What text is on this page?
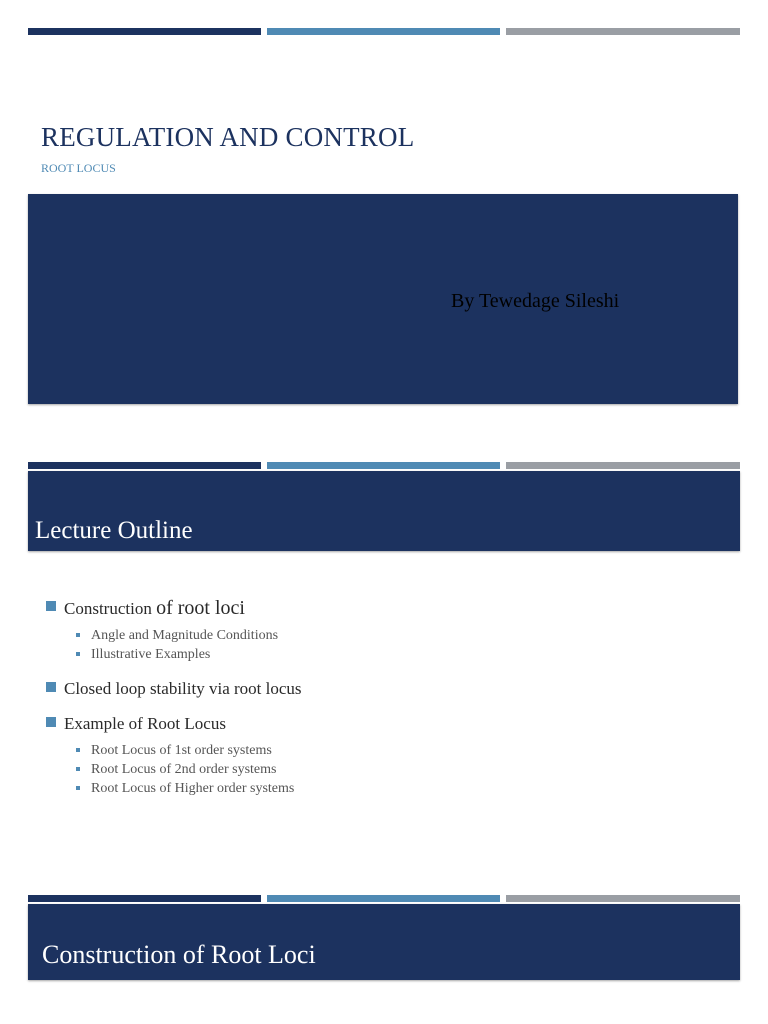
REGULATION AND CONTROL

ROOT LOCUS

By Tewedage Sileshi

Lecture Outline
Construction of root loci
Angle and Magnitude Conditions
Illustrative Examples
Closed loop stability via root locus
Example of Root Locus
Root Locus of 1st order systems
Root Locus of 2nd order systems
Root Locus of Higher order systems
Construction of Root Loci
